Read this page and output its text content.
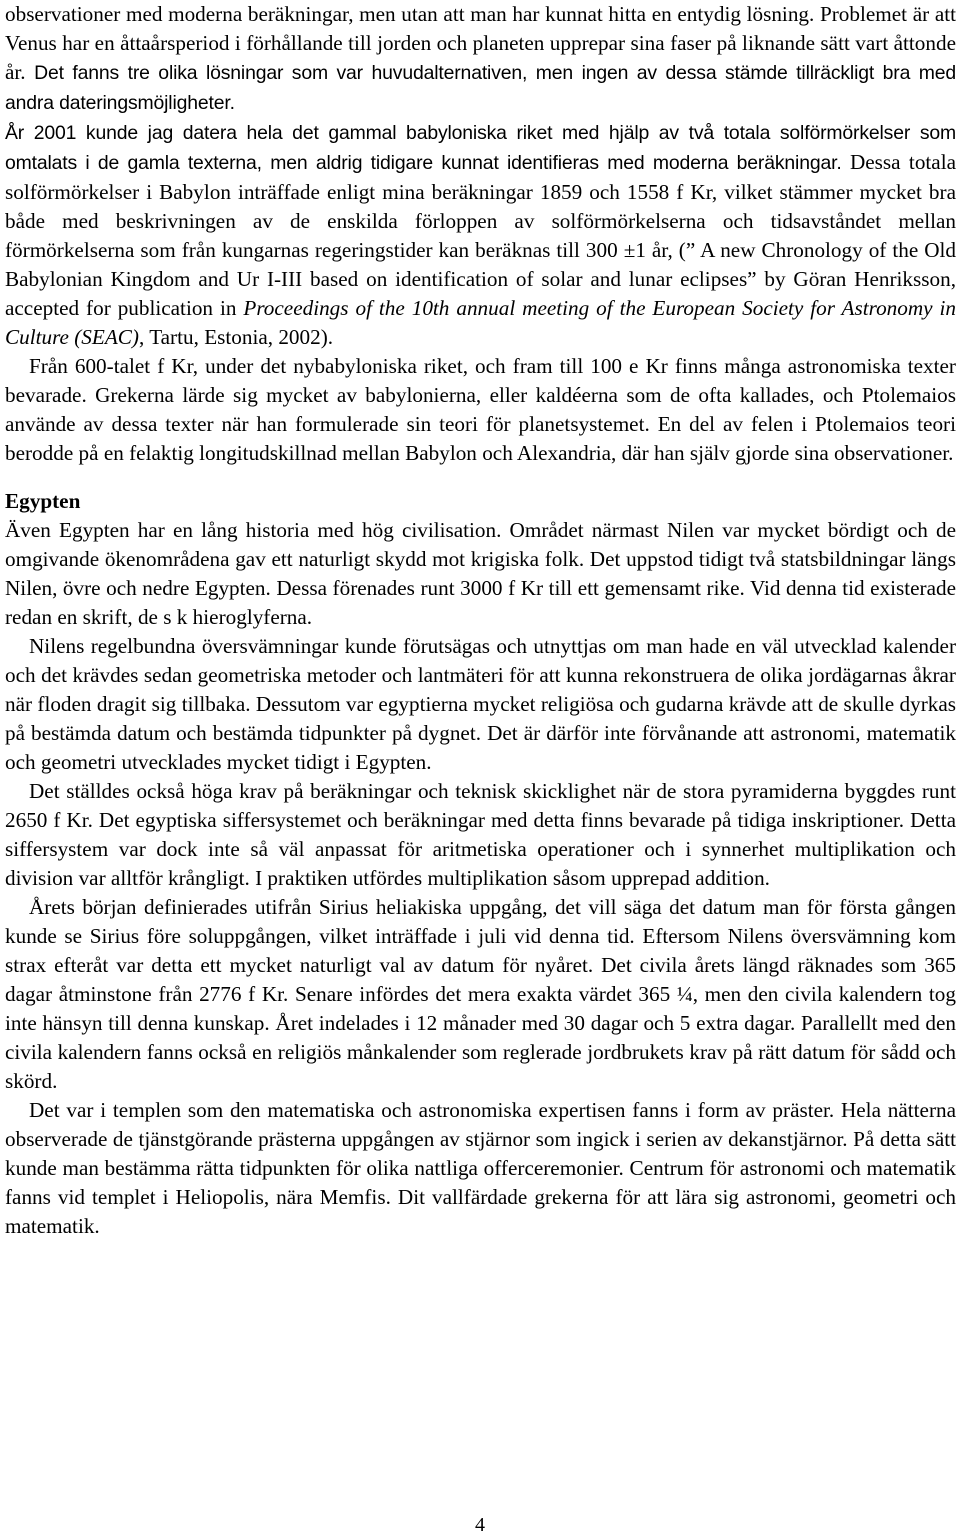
observationer med moderna beräkningar, men utan att man har kunnat hitta en entydig lösning. Problemet är att Venus har en åttaårsperiod i förhållande till jorden och planeten upprepar sina faser på liknande sätt vart åttonde år. Det fanns tre olika lösningar som var huvudalternativen, men ingen av dessa stämde tillräckligt bra med andra dateringsmöjligheter.

År 2001 kunde jag datera hela det gammal babyloniska riket med hjälp av två totala solförmörkelser som omtalats i de gamla texterna, men aldrig tidigare kunnat identifieras med moderna beräkningar. Dessa totala solförmörkelser i Babylon inträffade enligt mina beräkningar 1859 och 1558 f Kr, vilket stämmer mycket bra både med beskrivningen av de enskilda förloppen av solförmörkelserna och tidsavståndet mellan förmörkelserna som från kungarnas regeringstider kan beräknas till 300 ±1 år, (” A new Chronology of the Old Babylonian Kingdom and Ur I-III based on identification of solar and lunar eclipses” by Göran Henriksson, accepted for publication in Proceedings of the 10th annual meeting of the European Society for Astronomy in Culture (SEAC), Tartu, Estonia, 2002).

Från 600-talet f Kr, under det nybabyloniska riket, och fram till 100 e Kr finns många astronomiska texter bevarade. Grekerna lärde sig mycket av babylonierna, eller kaldéerna som de ofta kallades, och Ptolemaios använde av dessa texter när han formulerade sin teori för planetsystemet. En del av felen i Ptolemaios teori berodde på en felaktig longitudskillnad mellan Babylon och Alexandria, där han själv gjorde sina observationer.

Egypten

Även Egypten har en lång historia med hög civilisation. Området närmast Nilen var mycket bördigt och de omgivande ökenområdena gav ett naturligt skydd mot krigiska folk. Det uppstod tidigt två statsbildningar längs Nilen, övre och nedre Egypten. Dessa förenades runt 3000 f Kr till ett gemensamt rike. Vid denna tid existerade redan en skrift, de s k hieroglyferna.

Nilens regelbundna översvämningar kunde förutsägas och utnyttjas om man hade en väl utvecklad kalender och det krävdes sedan geometriska metoder och lantmäteri för att kunna rekonstruera de olika jordägarnas åkrar när floden dragit sig tillbaka. Dessutom var egyptierna mycket religiösa och gudarna krävde att de skulle dyrkas på bestämda datum och bestämda tidpunkter på dygnet. Det är därför inte förvånande att astronomi, matematik och geometri utvecklades mycket tidigt i Egypten.

Det ställdes också höga krav på beräkningar och teknisk skicklighet när de stora pyramiderna byggdes runt 2650 f Kr. Det egyptiska siffersystemet och beräkningar med detta finns bevarade på tidiga inskriptioner. Detta siffersystem var dock inte så väl anpassat för aritmetiska operationer och i synnerhet multiplikation och division var alltför krångligt. I praktiken utfördes multiplikation såsom upprepad addition.

Årets början definierades utifrån Sirius heliakiska uppgång, det vill säga det datum man för första gången kunde se Sirius före soluppgången, vilket inträffade i juli vid denna tid. Eftersom Nilens översvämning kom strax efteråt var detta ett mycket naturligt val av datum för nyåret. Det civila årets längd räknades som 365 dagar åtminstone från 2776 f Kr. Senare infördes det mera exakta värdet 365 ¼, men den civila kalendern tog inte hänsyn till denna kunskap. Året indelades i 12 månader med 30 dagar och 5 extra dagar. Parallellt med den civila kalendern fanns också en religiös månkalender som reglerade jordbrukets krav på rätt datum för sådd och skörd.

Det var i templen som den matematiska och astronomiska expertisen fanns i form av präster. Hela nätterna observerade de tjänstgörande prästerna uppgången av stjärnor som ingick i serien av dekanstjärnor. På detta sätt kunde man bestämma rätta tidpunkten för olika nattliga offerceremonier. Centrum för astronomi och matematik fanns vid templet i Heliopolis, nära Memfis. Dit vallfärdade grekerna för att lära sig astronomi, geometri och matematik.

4
